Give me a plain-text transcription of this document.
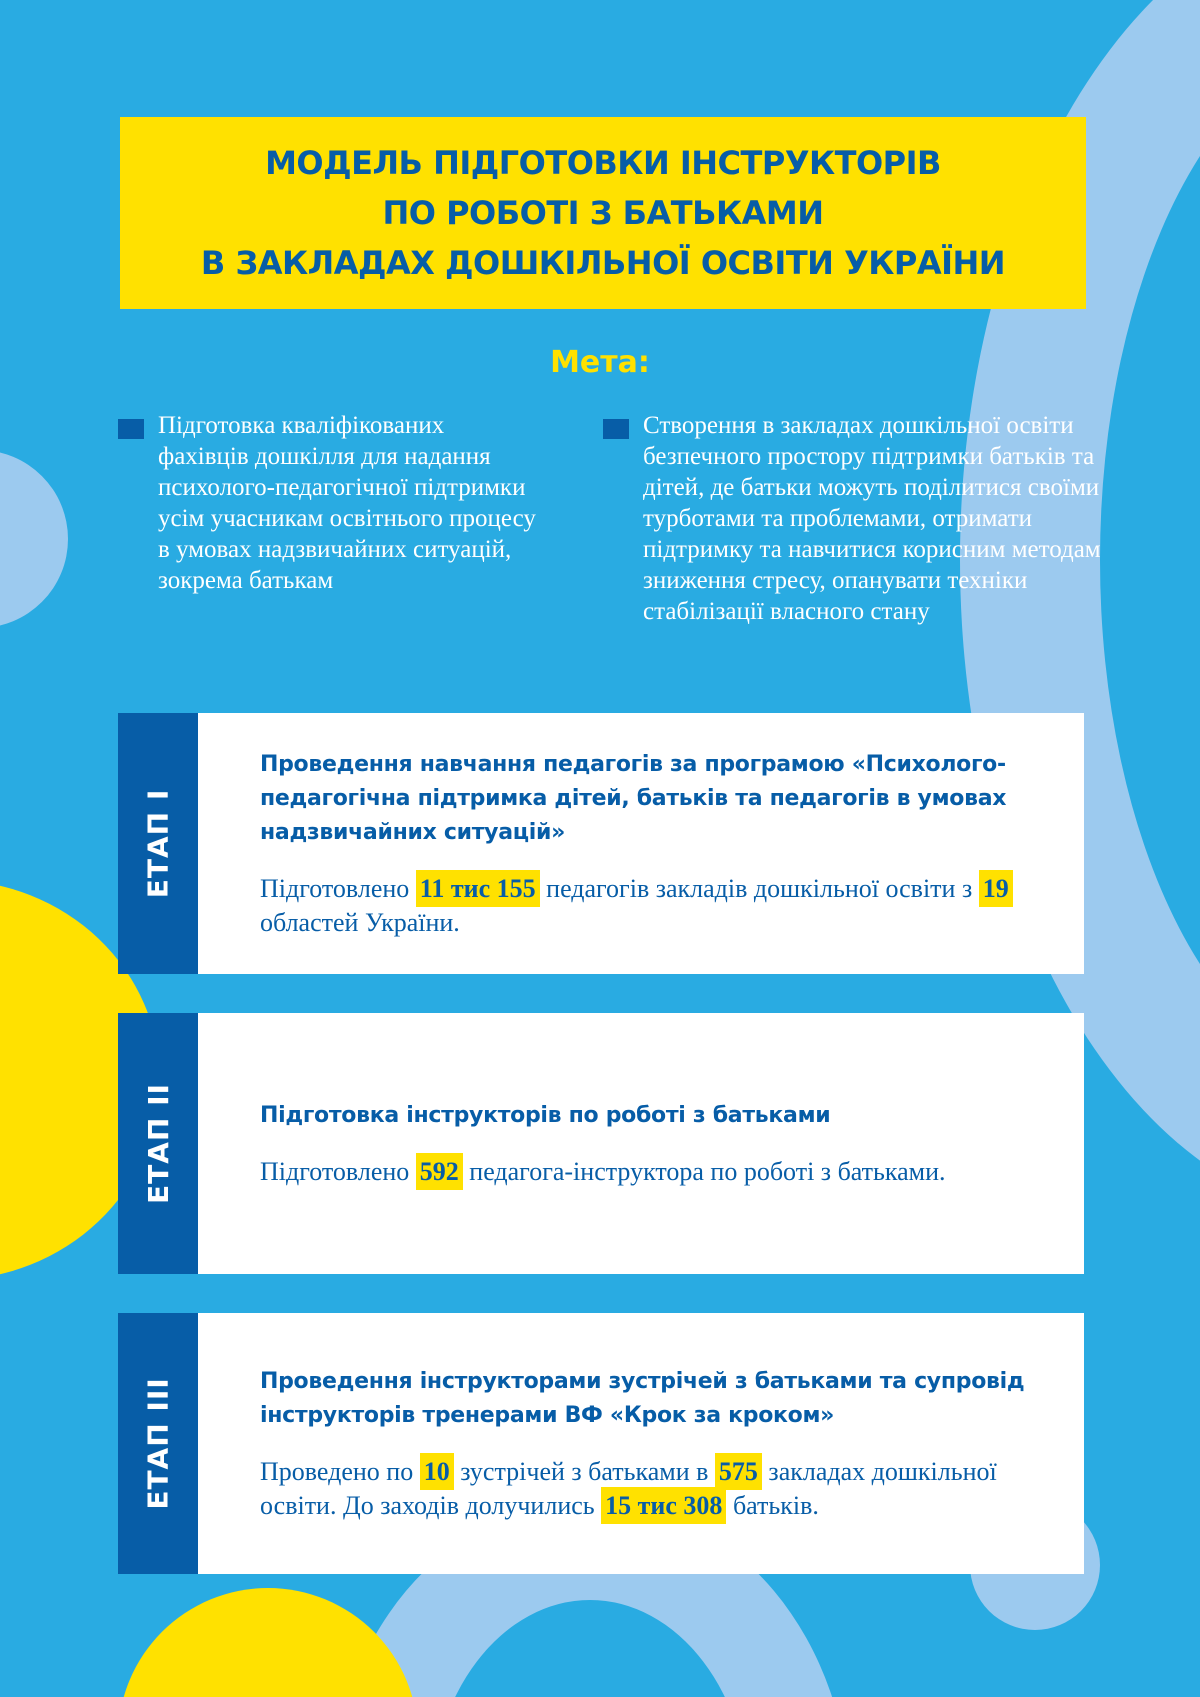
МОДЕЛЬ ПІДГОТОВКИ ІНСТРУКТОРІВ
ПО РОБОТІ З БАТЬКАМИ
В ЗАКЛАДАХ ДОШКІЛЬНОЇ ОСВІТИ УКРАЇНИ
Мета:
Підготовка кваліфікованих фахівців дошкілля для надання психолого-педагогічної підтримки усім учасникам освітнього процесу в умовах надзвичайних ситуацій, зокрема батькам
Створення в закладах дошкільної освіти безпечного простору підтримки батьків та дітей, де батьки можуть поділитися своїми турботами та проблемами, отримати підтримку та навчитися корисним методам зниження стресу, опанувати техніки стабілізації власного стану
ЕТАП I
Проведення навчання педагогів за програмою «Психолого-педагогічна підтримка дітей, батьків та педагогів в умовах надзвичайних ситуацій»
Підготовлено 11 тис 155 педагогів закладів дошкільної освіти з 19 областей України.
ЕТАП II	Підготовка інструкторів по роботі з батьками
Підготовлено 592 педагога-інструктора по роботі з батьками.
ЕТАП III	Проведення інструкторами зустрічей з батьками та супровід інструкторів тренерами ВФ «Крок за кроком»
Проведено по 10 зустрічей з батьками в 575 закладах дошкільної освіти. До заходів долучились 15 тис 308 батьків.
